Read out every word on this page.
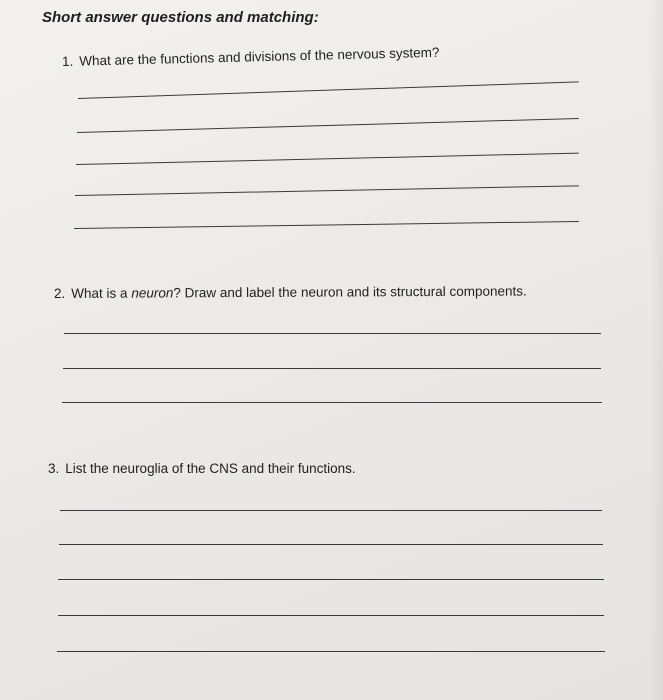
Short answer questions and matching:
1. What are the functions and divisions of the nervous system?
2. What is a neuron? Draw and label the neuron and its structural components.
3. List the neuroglia of the CNS and their functions.
